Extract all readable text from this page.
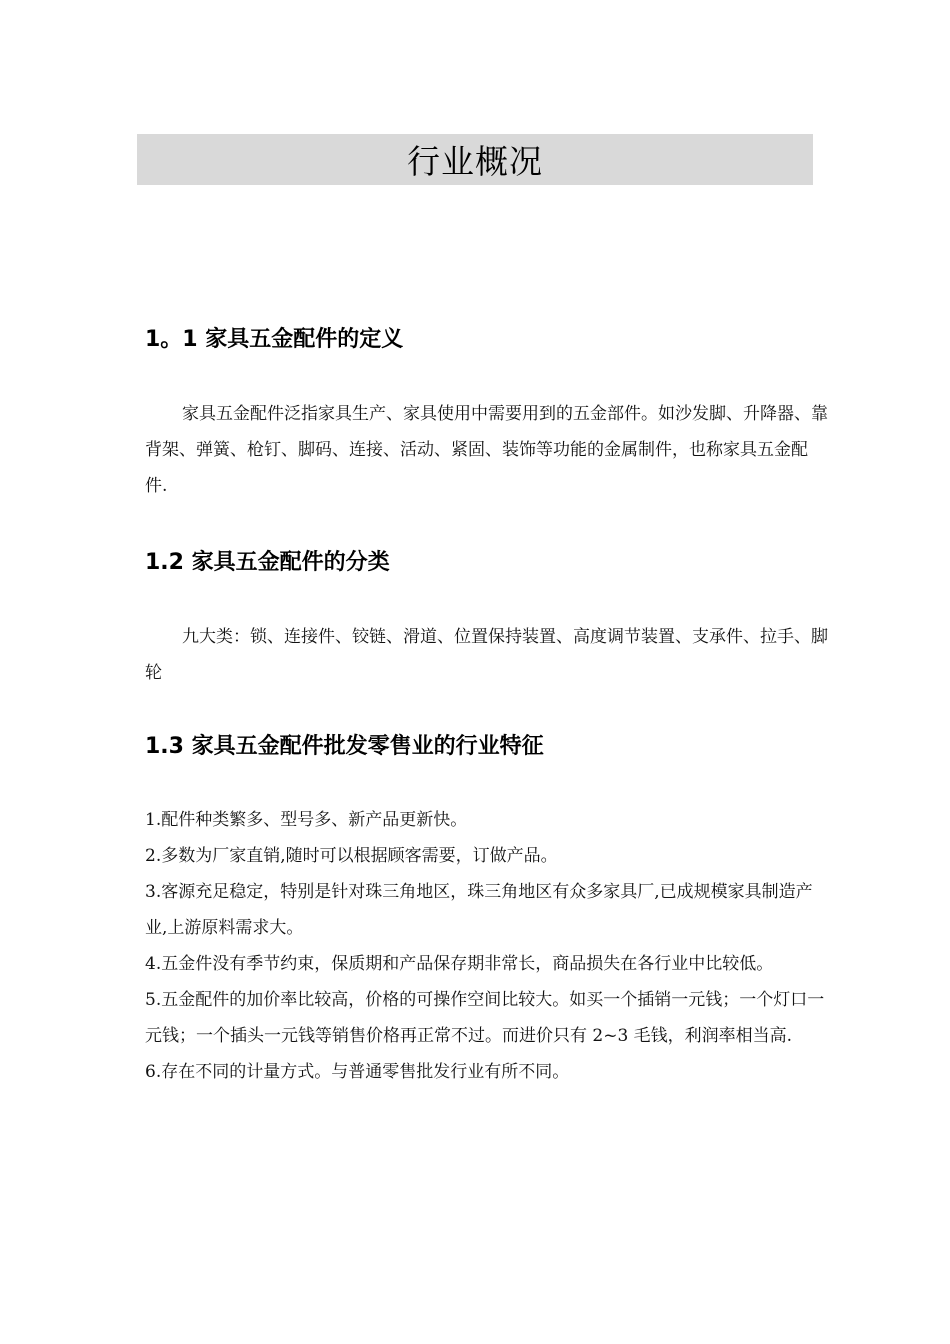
行业概况
1。1 家具五金配件的定义

家具五金配件泛指家具生产、家具使用中需要用到的五金部件。如沙发脚、升降器、靠背架、弹簧、枪钉、脚码、连接、活动、紧固、装饰等功能的金属制件，也称家具五金配件.

1.2 家具五金配件的分类

九大类：锁、连接件、铰链、滑道、位置保持装置、高度调节装置、支承件、拉手、脚轮

1.3 家具五金配件批发零售业的行业特征
1.配件种类繁多、型号多、新产品更新快。
2.多数为厂家直销,随时可以根据顾客需要，订做产品。
3.客源充足稳定，特别是针对珠三角地区，珠三角地区有众多家具厂,已成规模家具制造产业,上游原料需求大。
4.五金件没有季节约束，保质期和产品保存期非常长，商品损失在各行业中比较低。
5.五金配件的加价率比较高，价格的可操作空间比较大。如买一个插销一元钱；一个灯口一元钱；一个插头一元钱等销售价格再正常不过。而进价只有 2~3 毛钱，利润率相当高.
6.存在不同的计量方式。与普通零售批发行业有所不同。
